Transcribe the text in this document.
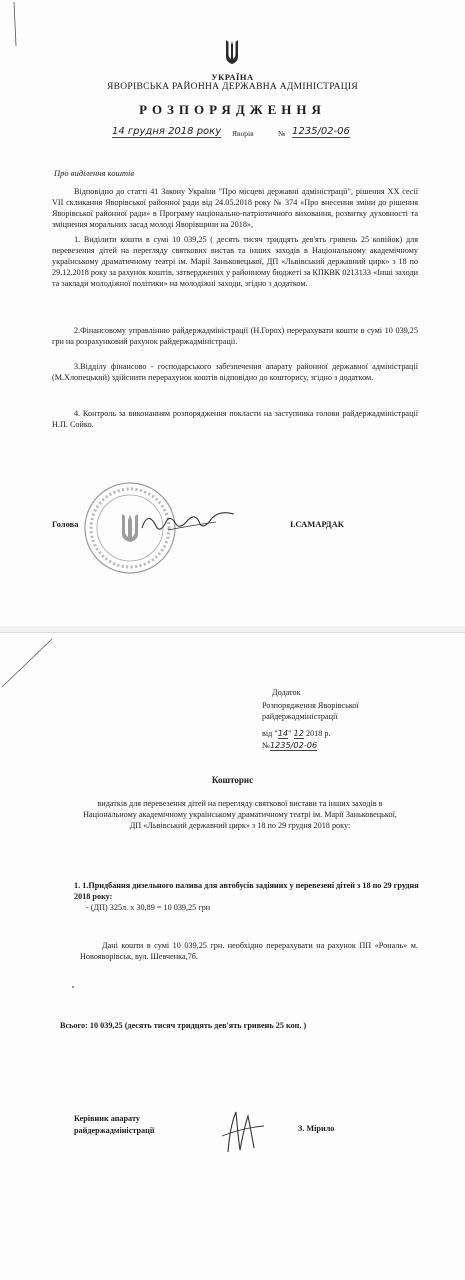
УКРАЇНА
ЯВОРІВСЬКА РАЙОННА ДЕРЖАВНА АДМІНІСТРАЦІЯ
РОЗПОРЯДЖЕННЯ
14 грудня 2018 року Яворів	№ 1235/02-06
Про виділення коштів
Відповідно до статті 41 Закону України "Про місцеві державні адміністрації", рішення ХХ сесії VII скликання Яворівської районної ради від 24.05.2018 року № 374 «Про внесення зміни до рішення Яворівської районної ради» в Програму національно-патріотичного виховання, розвитку духовності та зміцнення моральних засад молоді Яворівщини на 2018»,
1. Виділити кошти в сумі 10 039,25 ( десять тисяч тридцять дев'ять гривень 25 копійок) для перевезення дітей на перегляду святкових вистав та інших заходів в Національному академічному українському драматичному театрі ім. Марії Заньковецької, ДП «Львівський державний цирк» з 18 по 29.12.2018 року за рахунок коштів, затверджених у районному бюджеті за КПКВК 0213133 «Інші заходи та заклади молодіжної політики» на молодіжні заходи, згідно з додатком.
2.Фінансовому управлінню райдержадміністрації (Н.Горох) перерахувати кошти в сумі 10 039,25 грн на розрахунковий рахунок райдержадміністрації.
3.Відділу фінансово - господарського забезпечення апарату районної державної адміністрації (М.Хлопецький) здійснити перерахунок коштів відповідно до кошторису, згідно з додатком.
4. Контроль за виконанням розпорядження покласти на заступника голови райдержадміністрації Н.П. Сойко.
Голова	І.САМАРДАК
Додаток
Розпорядження Яворівської райдержадміністрації
від "14" 12 2018 р.
№1235/02-06
Кошторис
видатків для перевезення дітей на перегляду святкової вистави та інших заходів в Національному академічному українському драматичному театрі ім. Марії Заньковецької, ДП «Львівський державний цирк» з 18 по 29 грудня 2018 року:
1. 1.Придбання дизельного палива для автобусів задіяних у перевезені дітей з 18 по 29 грудня 2018 року:
- (ДП) 325л. х 30,89 = 10 039,25 грн
Дані кошти в сумі 10 039,25 грн. необхідно перерахувати на рахунок ПП «Рональ» м. Новояворівськ, вул. Шевченка,7б.
Всього: 10 039,25 (десять тисяч тридцять дев'ять гривень 25 коп. )
Керівник апарату
райдержадміністрації	З. Мірило
